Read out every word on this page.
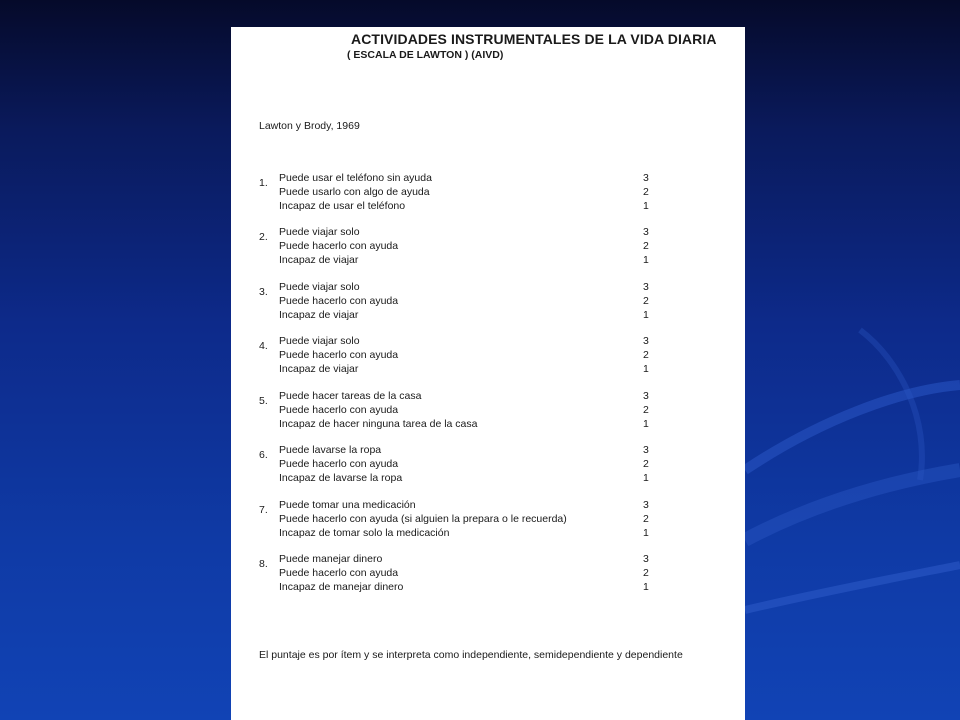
ACTIVIDADES INSTRUMENTALES DE LA VIDA DIARIA
( ESCALA DE LAWTON ) (AIVD)
Lawton y Brody, 1969
1. Puede usar el teléfono sin ayuda	3
Puede usarlo con algo de ayuda	2
Incapaz de usar el teléfono	1
2. Puede viajar solo	3
Puede hacerlo con ayuda	2
Incapaz de viajar	1
3. Puede viajar solo	3
Puede hacerlo con ayuda	2
Incapaz de viajar	1
4. Puede viajar solo	3
Puede hacerlo con ayuda	2
Incapaz de viajar	1
5. Puede hacer tareas de la casa	3
Puede hacerlo con ayuda	2
Incapaz de hacer ninguna tarea de la casa	1
6. Puede lavarse la ropa	3
Puede hacerlo con ayuda	2
Incapaz de lavarse la ropa	1
7. Puede tomar una medicación	3
Puede hacerlo con ayuda (si alguien la prepara o le recuerda)	2
Incapaz de tomar solo la medicación	1
8. Puede manejar dinero	3
Puede hacerlo con ayuda	2
Incapaz de manejar dinero	1
El puntaje es por ítem y se interpreta como independiente, semidependiente y dependiente
